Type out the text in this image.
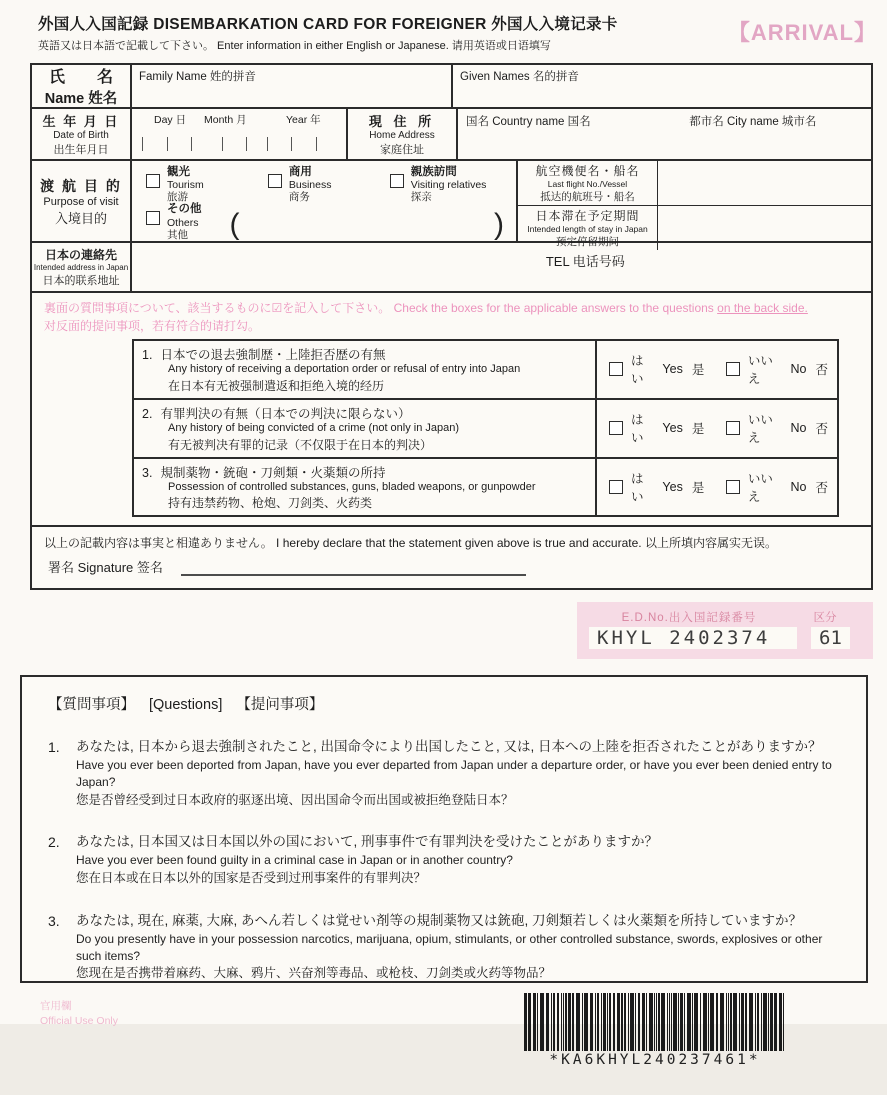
外国人入国記録 DISEMBARKATION CARD FOR FOREIGNER 外国人入境记录卡
英語又は日本語で記載して下さい。 Enter information in either English or Japanese. 请用英语或日语填写
【ARRIVAL】
氏　　名
Name 姓名
Family Name 姓的拼音	Given Names 名的拼音
生 年 月 日
Date of Birth
出生年月日
Day 日	Month 月	Year 年	現 住 所
Home Address
家庭住址
国名 Country name 国名	都市名 City name 城市名
渡 航 目 的
Purpose of visit
入境目的
観光
Tourism
旅游
商用
Business
商务
親族訪問
Visiting relatives
探亲
その他
Others
其他	(	)
航空機便名・船名
Last flight No./Vessel
抵达的航班号・船名
日本滞在予定期間
Intended length of stay in Japan
预定停留期间
日本の連絡先
Intended address in Japan
日本的联系地址
TEL 电话号码
裏面の質問事項について、該当するものに☑を記入して下さい。 Check the boxes for the applicable answers to the questions on the back side.
对反面的提问事项，若有符合的请打勾。
1. 日本での退去強制歴・上陸拒否歴の有無
Any history of receiving a deportation order or refusal of entry into Japan
在日本有无被强制遣返和拒绝入境的经历
はい
Yes 是
いいえ
No 否
2. 有罪判決の有無（日本での判決に限らない）
Any history of being convicted of a crime (not only in Japan)
有无被判决有罪的记录（不仅限于在日本的判决）
はい
Yes 是
いいえ
No 否
3. 規制薬物・銃砲・刀剣類・火薬類の所持
Possession of controlled substances, guns, bladed weapons, or gunpowder
持有违禁药物、枪炮、刀剑类、火药类
はい
Yes 是
いいえ
No 否
以上の記載内容は事実と相違ありません。 I hereby declare that the statement given above is true and accurate. 以上所填内容属实无误。
署名 Signature 签名
E.D.No.出入国記録番号	区分
KHYL 2402374	61
【質問事項】 [Questions] 【提问事项】
1.	あなたは, 日本から退去強制されたこと, 出国命令により出国したこと, 又は, 日本への上陸を拒否されたことがありますか？
Have you ever been deported from Japan, have you ever departed from Japan under a departure order, or have you ever been denied entry to Japan?
您是否曾经受到过日本政府的驱逐出境、因出国命令而出国或被拒绝登陆日本？
2.	あなたは, 日本国又は日本国以外の国において, 刑事事件で有罪判決を受けたことがありますか？
Have you ever been found guilty in a criminal case in Japan or in another country?
您在日本或在日本以外的国家是否受到过刑事案件的有罪判决？
3.	あなたは, 現在, 麻薬, 大麻, あへん若しくは覚せい剤等の規制薬物又は銃砲, 刀剣類若しくは火薬類を所持していますか？
Do you presently have in your possession narcotics, marijuana, opium, stimulants, or other controlled substance, swords, explosives or other such items?
您现在是否携带着麻药、大麻、鸦片、兴奋剂等毒品、或枪枝、刀剑类或火药等物品？
官用欄
Official Use Only
*KA6KHYL240237461*
